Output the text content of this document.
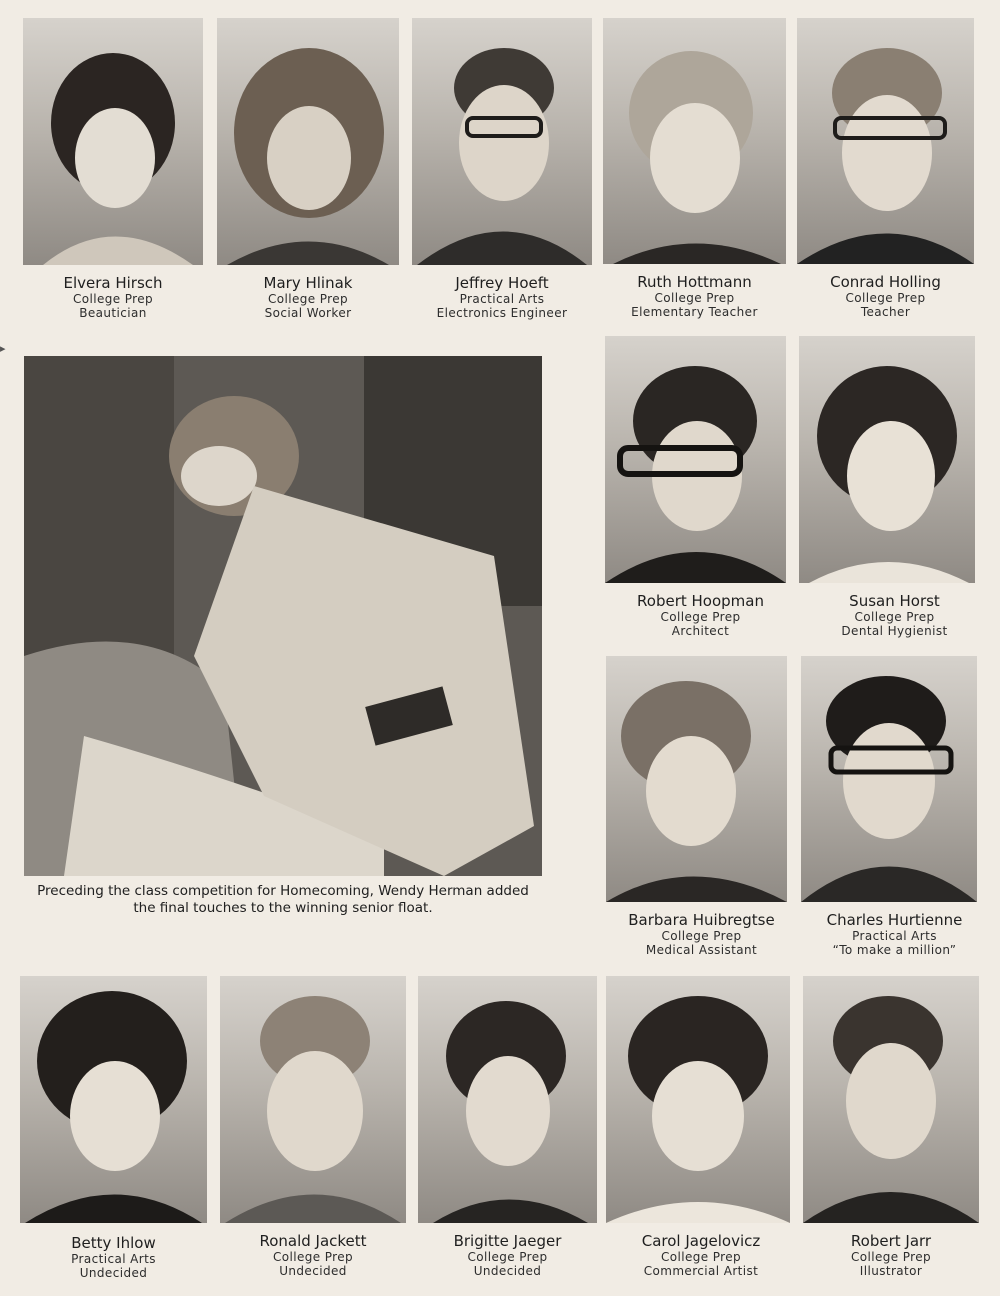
▸
Elvera Hirsch
College Prep
Beautician
Mary Hlinak
College Prep
Social Worker
Jeffrey Hoeft
Practical Arts
Electronics Engineer
Ruth Hottmann
College Prep
Elementary Teacher
Conrad Holling
College Prep
Teacher
Preceding the class competition for Homecoming, Wendy Herman added
the final touches to the winning senior float.
Robert Hoopman
College Prep
Architect
Susan Horst
College Prep
Dental Hygienist
Barbara Huibregtse
College Prep
Medical Assistant
Charles Hurtienne
Practical Arts
“To make a million”
Betty Ihlow
Practical Arts
Undecided
Ronald Jackett
College Prep
Undecided
Brigitte Jaeger
College Prep
Undecided
Carol Jagelovicz
College Prep
Commercial Artist
Robert Jarr
College Prep
Illustrator
